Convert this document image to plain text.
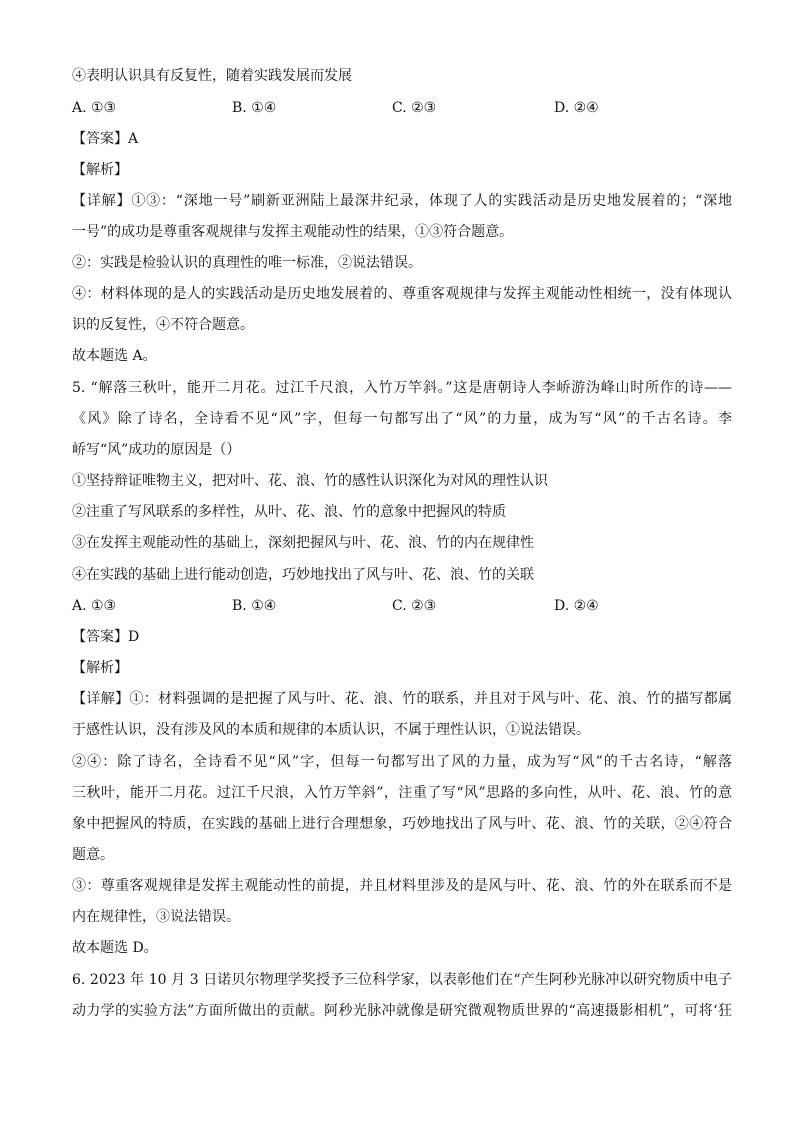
④表明认识具有反复性，随着实践发展而发展
A. ①③	B. ①④	C. ②③	D. ②④
【答案】A
【解析】
【详解】①③：“深地一号”刷新亚洲陆上最深井纪录，体现了人的实践活动是历史地发展着的；“深地
一号”的成功是尊重客观规律与发挥主观能动性的结果，①③符合题意。
②：实践是检验认识的真理性的唯一标准，②说法错误。
④：材料体现的是人的实践活动是历史地发展着的、尊重客观规律与发挥主观能动性相统一，没有体现认
识的反复性，④不符合题意。
故本题选 A。
5. “解落三秋叶，能开二月花。过江千尺浪，入竹万竿斜。”这是唐朝诗人李峤游沩峰山时所作的诗——
《风》除了诗名，全诗看不见“风”字，但每一句都写出了“风”的力量，成为写“风”的千古名诗。李
峤写“风”成功的原因是（）
①坚持辩证唯物主义，把对叶、花、浪、竹的感性认识深化为对风的理性认识
②注重了写风联系的多样性，从叶、花、浪、竹的意象中把握风的特质
③在发挥主观能动性的基础上，深刻把握风与叶、花、浪、竹的内在规律性
④在实践的基础上进行能动创造，巧妙地找出了风与叶、花、浪、竹的关联
A. ①③	B. ①④	C. ②③	D. ②④
【答案】D
【解析】
【详解】①：材料强调的是把握了风与叶、花、浪、竹的联系，并且对于风与叶、花、浪、竹的描写都属
于感性认识，没有涉及风的本质和规律的本质认识，不属于理性认识，①说法错误。
②④：除了诗名，全诗看不见“风”字，但每一句都写出了风的力量，成为写“风”的千古名诗，“解落
三秋叶，能开二月花。过江千尺浪，入竹万竿斜”，注重了写“风”思路的多向性，从叶、花、浪、竹的意
象中把握风的特质，在实践的基础上进行合理想象，巧妙地找出了风与叶、花、浪、竹的关联，②④符合
题意。
③：尊重客观规律是发挥主观能动性的前提，并且材料里涉及的是风与叶、花、浪、竹的外在联系而不是
内在规律性，③说法错误。
故本题选 D。
6. 2023 年 10 月 3 日诺贝尔物理学奖授予三位科学家，以表彰他们在“产生阿秒光脉冲以研究物质中电子
动力学的实验方法”方面所做出的贡献。阿秒光脉冲就像是研究微观物质世界的“高速摄影相机”，可将‘狂
